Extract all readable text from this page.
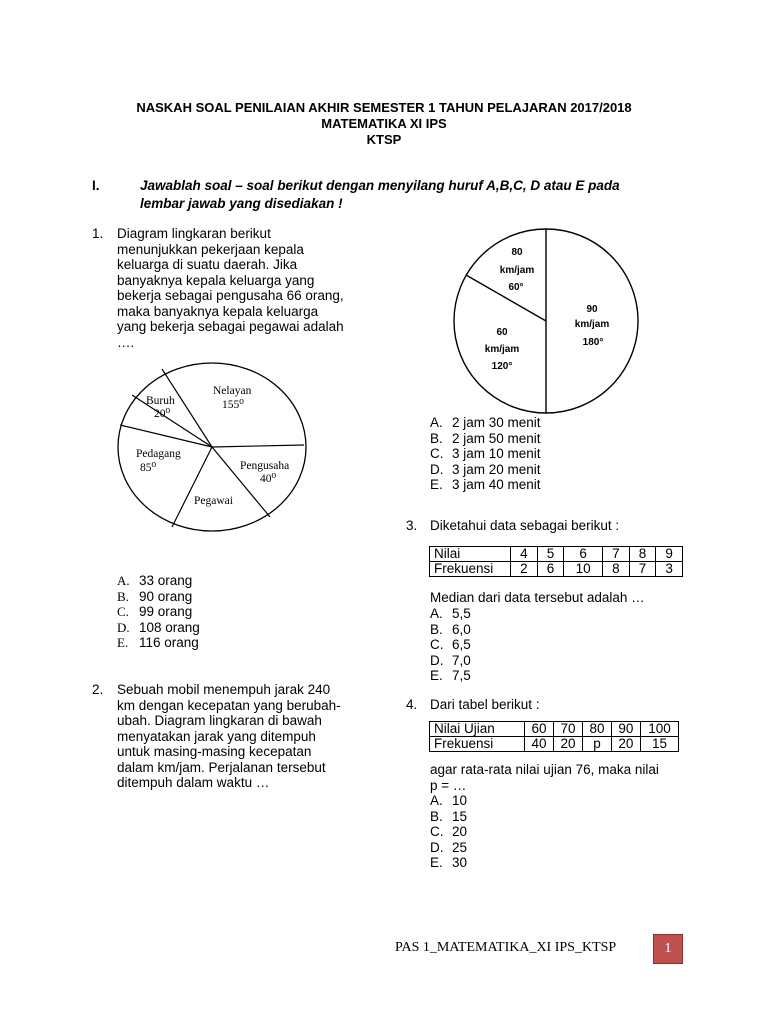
NASKAH SOAL PENILAIAN AKHIR SEMESTER 1 TAHUN PELAJARAN 2017/2018
MATEMATIKA XI IPS
KTSP
I.	Jawablah soal – soal berikut dengan menyilang huruf A,B,C, D atau E pada
lembar jawab yang disediakan !
1. Diagram lingkaran berikut
menunjukkan pekerjaan kepala
keluarga di suatu daerah. Jika
banyaknya kepala keluarga yang
bekerja sebagai pengusaha 66 orang,
maka banyaknya kepala keluarga
yang bekerja sebagai pegawai adalah
….
Nelayan
155⁰
Buruh
20⁰
Pedagang
85⁰	Pengusaha
40⁰
Pegawai
A. 33 orang
B. 90 orang
C. 99 orang
D. 108 orang
E. 116 orang
2. Sebuah mobil menempuh jarak 240
km dengan kecepatan yang berubah-
ubah. Diagram lingkaran di bawah
menyatakan jarak yang ditempuh
untuk masing-masing kecepatan
dalam km/jam. Perjalanan tersebut
ditempuh dalam waktu …
80
km/jam
60°
90
km/jam
180°
60
km/jam
120°
A. 2 jam 30 menit
B. 2 jam 50 menit
C. 3 jam 10 menit
D. 3 jam 20 menit
E. 3 jam 40 menit
3. Diketahui data sebagai berikut :
Nilai	4	5	6	7	8	9
Frekuensi	2	6	10	8	7	3
Median dari data tersebut adalah …
A. 5,5
B. 6,0
C. 6,5
D. 7,0
E. 7,5
4. Dari tabel berikut :
Nilai Ujian	60	70	80	90	100
Frekuensi	40	20	p	20	15
agar rata-rata nilai ujian 76, maka nilai
p = …
A. 10
B. 15
C. 20
D. 25
E. 30
PAS 1_MATEMATIKA_XI IPS_KTSP	1
